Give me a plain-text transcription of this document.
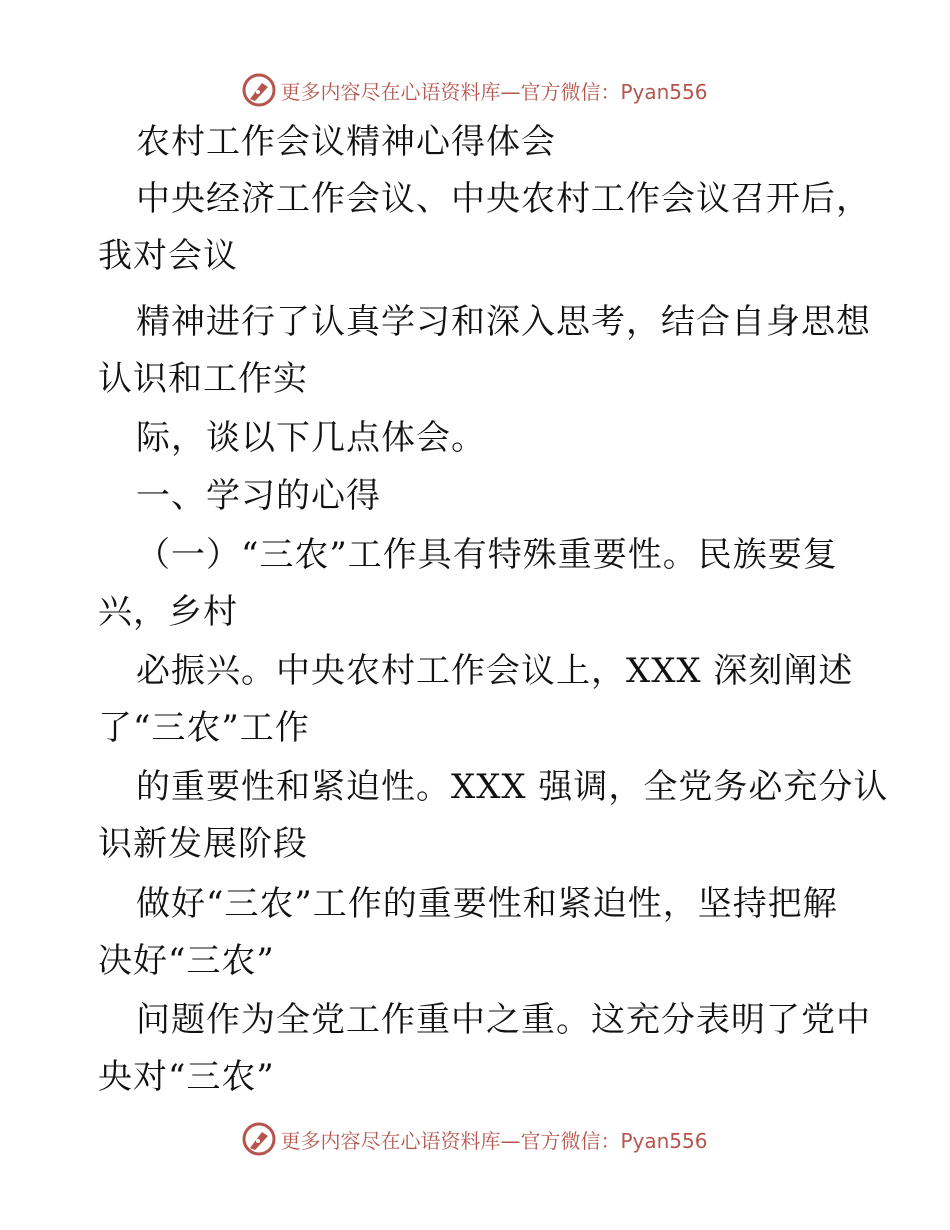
更多内容尽在心语资料库—官方微信：Pyan556
农村工作会议精神心得体会
中央经济工作会议、中央农村工作会议召开后，
我对会议
精神进行了认真学习和深入思考，结合自身思想
认识和工作实
际，谈以下几点体会。
一、学习的心得
（一）“三农”工作具有特殊重要性。民族要复
兴，乡村
必振兴。中央农村工作会议上，XXX 深刻阐述
了“三农”工作
的重要性和紧迫性。XXX 强调，全党务必充分认
识新发展阶段
做好“三农”工作的重要性和紧迫性，坚持把解
决好“三农”
问题作为全党工作重中之重。这充分表明了党中
央对“三农”
更多内容尽在心语资料库—官方微信：Pyan556
